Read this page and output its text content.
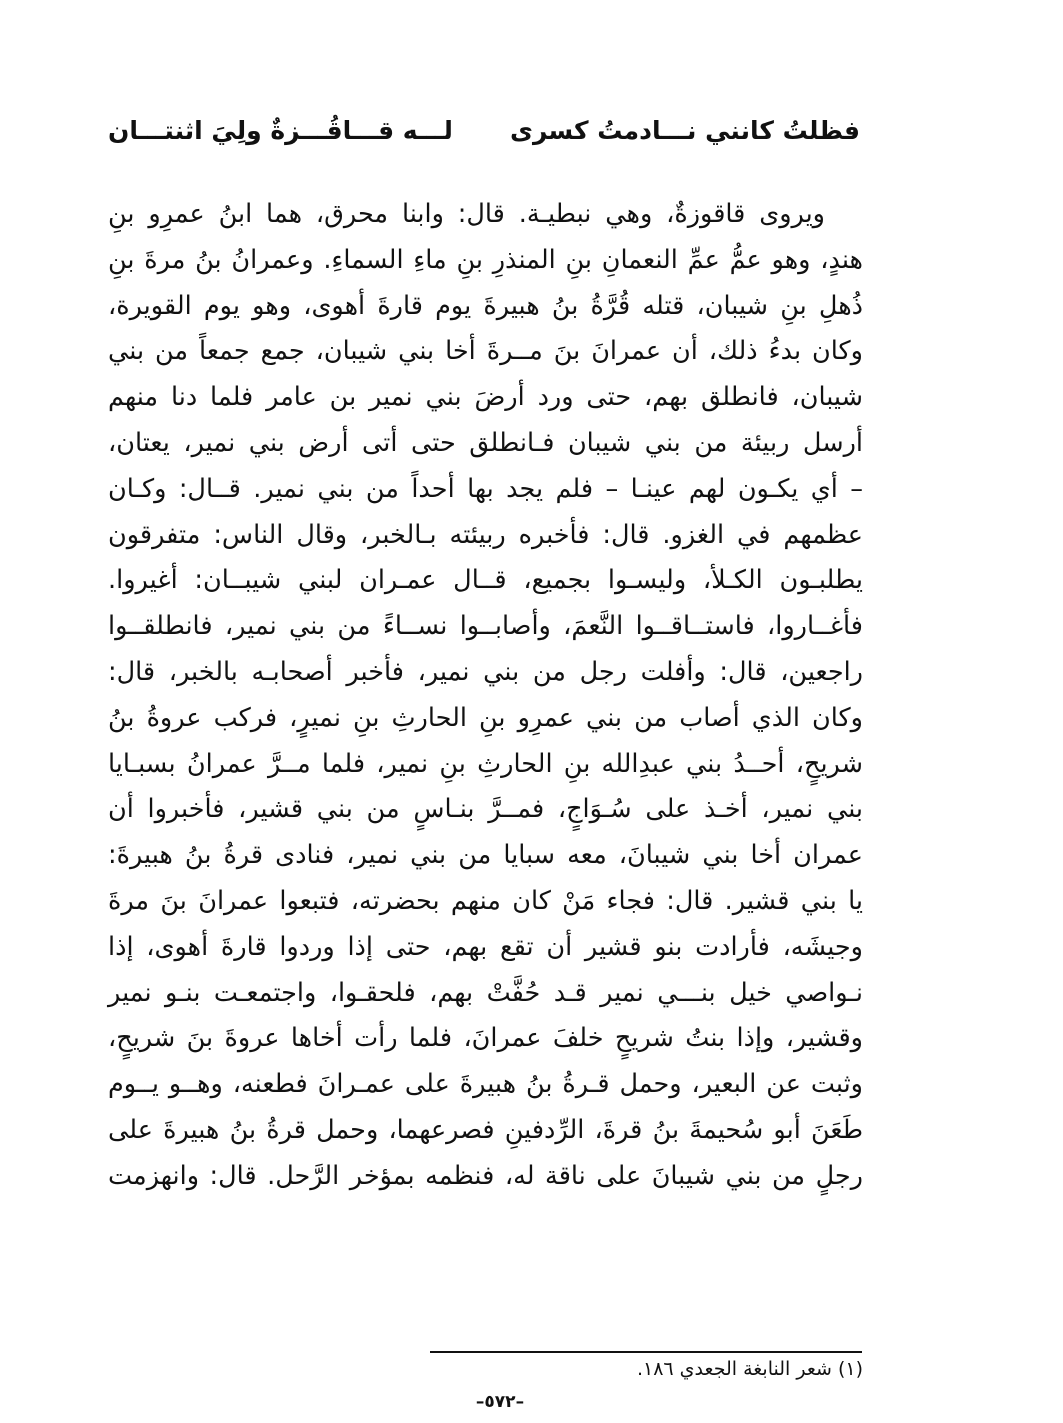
فظلتُ كانني نـــادمتُ كسرى
لـــه قـــاقُـــزةٌ ولِيَ اثنتـــان
ويروى قاقوزةٌ، وهي نبطيـة. قال: وابنا محرق، هما ابنُ عمرِو بنِ
هندٍ، وهو عمُّ عمِّ النعمانِ بنِ المنذرِ بنِ ماءِ السماءِ. وعمرانُ بنُ مرةَ بنِ
ذُهلِ بنِ شيبان، قتله قُرَّةُ بنُ هبيرةَ يوم قارةَ أهوى، وهو يوم القويرة،
وكان بدءُ ذلك، أن عمرانَ بنَ مــرةَ أخا بني شيبان، جمع جمعاً من بني
شيبان، فانطلق بهم، حتى ورد أرضَ بني نمير بن عامر فلما دنا منهم
أرسل ربيئة من بني شيبان فـانطلق حتى أتى أرض بني نمير، يعتان،
– أي يكـون لهم عينـا – فلم يجد بها أحداً من بني نمير. قــال: وكـان
عظمهم في الغزو. قال: فأخبره ربيئته بـالخبر، وقال الناس: متفرقون
يطلبـون الكـلأ، وليسـوا بجميع، قــال عمـران لبني شيبــان: أغيروا.
فأغــاروا، فاستــاقــوا النَّعمَ، وأصابــوا نســاءً من بني نمير، فانطلقــوا
راجعين، قال: وأفلت رجل من بني نمير، فأخبر أصحابـه بالخبر، قال:
وكان الذي أصاب من بني عمرِو بنِ الحارثِ بنِ نميرٍ، فركب عروةُ بنُ
شريحٍ، أحــدُ بني عبدِالله بنِ الحارثِ بنِ نمير، فلما مــرَّ عمرانُ بسبـايا
بني نمير، أخـذ على سُـوَاجٍ، فمــرَّ بنـاسٍ من بني قشير، فأخبروا أن
عمران أخا بني شيبانَ، معه سبايا من بني نمير، فنادى قرةُ بنُ هبيرةَ:
يا بني قشير. قال: فجاء مَنْ كان منهم بحضرته، فتبعوا عمرانَ بنَ مرةَ
وجيشَه، فأرادت بنو قشير أن تقع بهم، حتى إذا وردوا قارةَ أهوى، إذا
نـواصي خيل بنـــي نمير قـد حُفَّتْ بهم، فلحقـوا، واجتمعـت بنـو نمير
وقشير، وإذا بنتُ شريحٍ خلفَ عمرانَ، فلما رأت أخاها عروةَ بنَ شريحٍ،
وثبت عن البعير، وحمل قـرةُ بنُ هبيرةَ على عمـرانَ فطعنه، وهــو يــوم
طَعَنَ أبو سُحيمةَ بنُ قرةَ، الرِّدفينِ فصرعهما، وحمل قرةُ بنُ هبيرةَ على
رجلٍ من بني شيبانَ على ناقة له، فنظمه بمؤخر الرَّحل. قال: وانهزمت
(١) شعر النابغة الجعدي ١٨٦.
–٥٧٢–
